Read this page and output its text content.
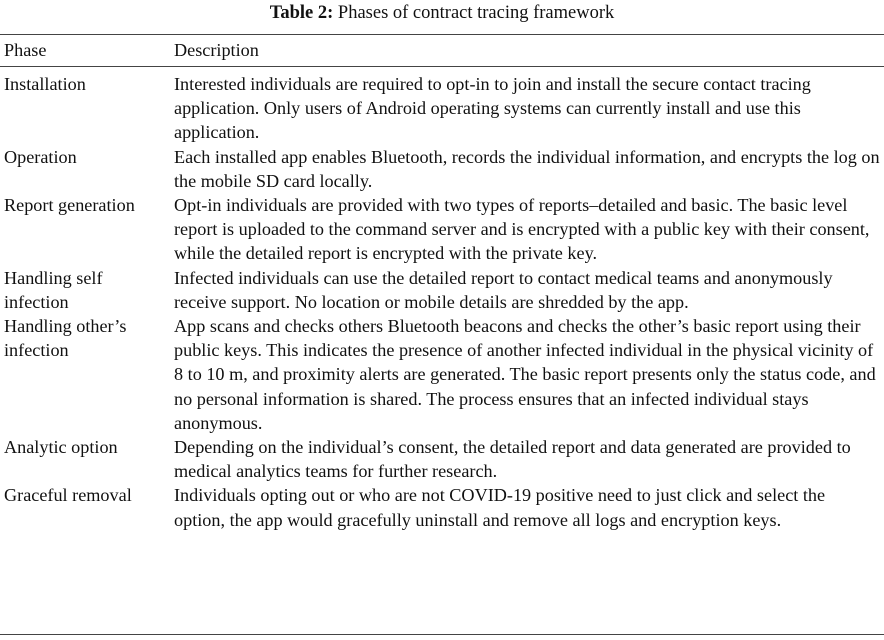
Table 2: Phases of contract tracing framework
Phase	Description
Installation	Interested individuals are required to opt-in to join and install the secure contact tracing application. Only users of Android operating systems can currently install and use this application.
Operation	Each installed app enables Bluetooth, records the individual information, and encrypts the log on the mobile SD card locally.
Report generation	Opt-in individuals are provided with two types of reports–detailed and basic. The basic level report is uploaded to the command server and is encrypted with a public key with their consent, while the detailed report is encrypted with the private key.
Handling self infection	Infected individuals can use the detailed report to contact medical teams and anonymously receive support. No location or mobile details are shredded by the app.
Handling other’s infection	App scans and checks others Bluetooth beacons and checks the other’s basic report using their public keys. This indicates the presence of another infected individual in the physical vicinity of 8 to 10 m, and proximity alerts are generated. The basic report presents only the status code, and no personal information is shared. The process ensures that an infected individual stays anonymous.
Analytic option	Depending on the individual’s consent, the detailed report and data generated are provided to medical analytics teams for further research.
Graceful removal	Individuals opting out or who are not COVID-19 positive need to just click and select the option, the app would gracefully uninstall and remove all logs and encryption keys.
